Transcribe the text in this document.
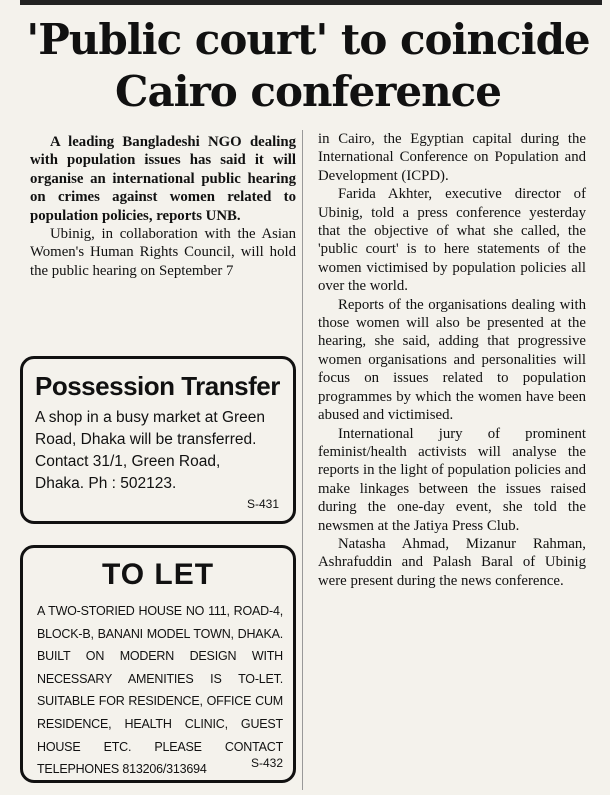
'Public court' to coincide Cairo conference

A leading Bangladeshi NGO dealing with population issues has said it will organise an international public hearing on crimes against women related to population policies, reports UNB.

Ubinig, in collaboration with the Asian Women's Human Rights Council, will hold the public hearing on September 7

in Cairo, the Egyptian capital during the International Conference on Population and Development (ICPD).

Farida Akhter, executive director of Ubinig, told a press conference yesterday that the objective of what she called, the 'public court' is to here statements of the women victimised by population policies all over the world.

Reports of the organisations dealing with those women will also be presented at the hearing, she said, adding that progressive women organisations and personalities will focus on issues related to population programmes by which the women have been abused and victimised.

International jury of prominent feminist/health activists will analyse the reports in the light of population policies and make linkages between the issues raised during the one-day event, she told the newsmen at the Jatiya Press Club.

Natasha Ahmad, Mizanur Rahman, Ashrafuddin and Palash Baral of Ubinig were present during the news conference.

Possession Transfer
A shop in a busy market at Green
Road, Dhaka will be transferred.
Contact 31/1, Green Road,
Dhaka. Ph : 502123.
S-431
TO LET
A TWO-STORIED HOUSE NO 111, ROAD-4, BLOCK-B, BANANI MODEL TOWN, DHAKA. BUILT ON MODERN DESIGN WITH NECESSARY AMENITIES IS TO-LET. SUITABLE FOR RESIDENCE, OFFICE CUM RESIDENCE, HEALTH CLINIC, GUEST HOUSE ETC. PLEASE CONTACT TELEPHONES 813206/313694	S-432
